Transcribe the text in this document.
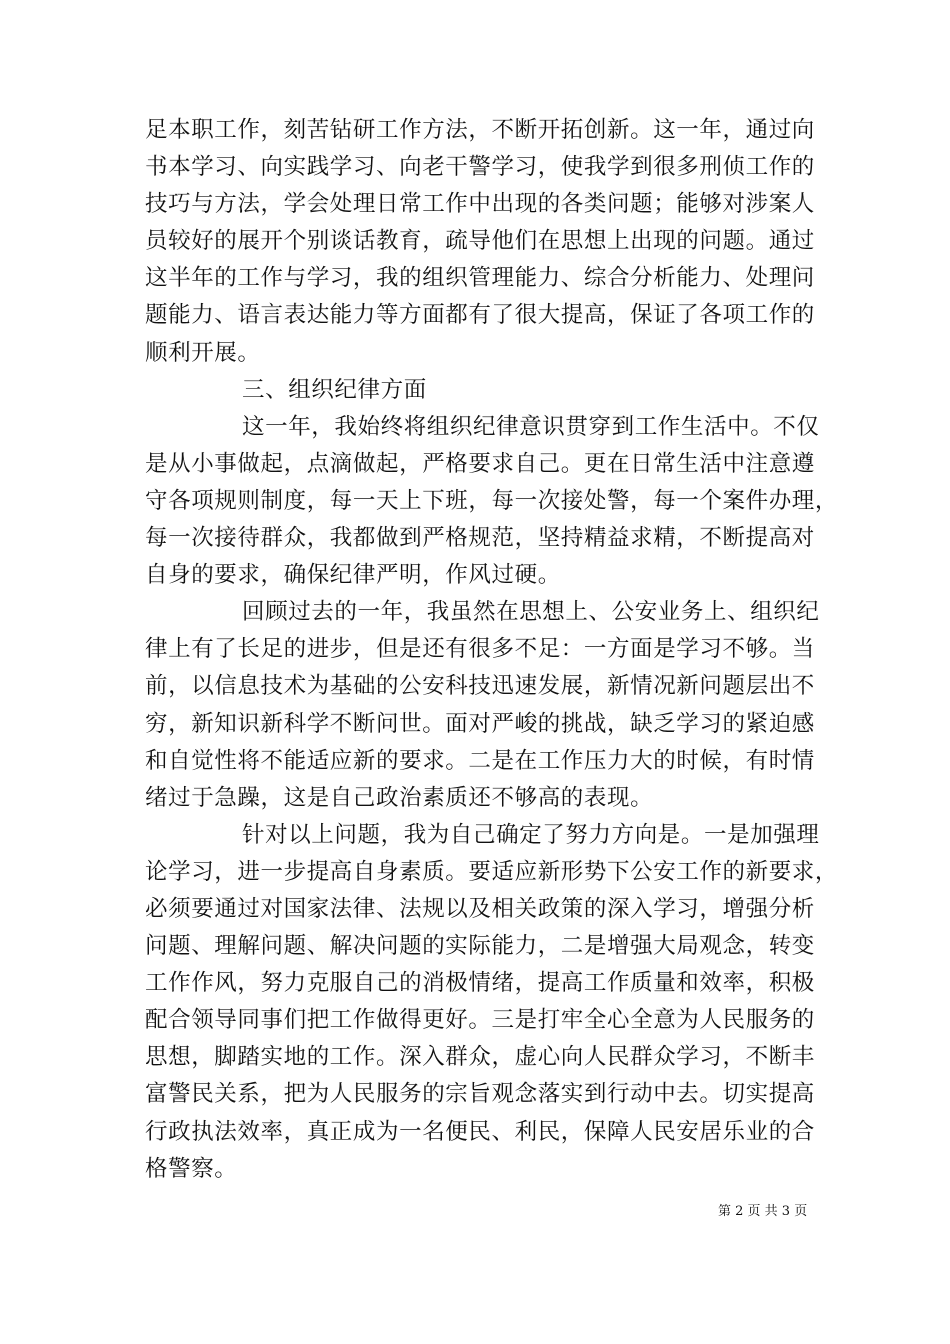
足本职工作，刻苦钻研工作方法，不断开拓创新。这一年，通过向

书本学习、向实践学习、向老干警学习，使我学到很多刑侦工作的

技巧与方法，学会处理日常工作中出现的各类问题；能够对涉案人

员较好的展开个别谈话教育，疏导他们在思想上出现的问题。通过

这半年的工作与学习，我的组织管理能力、综合分析能力、处理问

题能力、语言表达能力等方面都有了很大提高，保证了各项工作的

顺利开展。

三、组织纪律方面

这一年，我始终将组织纪律意识贯穿到工作生活中。不仅

是从小事做起，点滴做起，严格要求自己。更在日常生活中注意遵

守各项规则制度，每一天上下班，每一次接处警，每一个案件办理，

每一次接待群众，我都做到严格规范，坚持精益求精，不断提高对

自身的要求，确保纪律严明，作风过硬。

回顾过去的一年，我虽然在思想上、公安业务上、组织纪

律上有了长足的进步，但是还有很多不足：一方面是学习不够。当

前，以信息技术为基础的公安科技迅速发展，新情况新问题层出不

穷，新知识新科学不断问世。面对严峻的挑战，缺乏学习的紧迫感

和自觉性将不能适应新的要求。二是在工作压力大的时候，有时情

绪过于急躁，这是自己政治素质还不够高的表现。

针对以上问题，我为自己确定了努力方向是。一是加强理

论学习，进一步提高自身素质。要适应新形势下公安工作的新要求，

必须要通过对国家法律、法规以及相关政策的深入学习，增强分析

问题、理解问题、解决问题的实际能力，二是增强大局观念，转变

工作作风，努力克服自己的消极情绪，提高工作质量和效率，积极

配合领导同事们把工作做得更好。三是打牢全心全意为人民服务的

思想，脚踏实地的工作。深入群众，虚心向人民群众学习，不断丰

富警民关系，把为人民服务的宗旨观念落实到行动中去。切实提高

行政执法效率，真正成为一名便民、利民，保障人民安居乐业的合

格警察。

第 2 页 共 3 页
